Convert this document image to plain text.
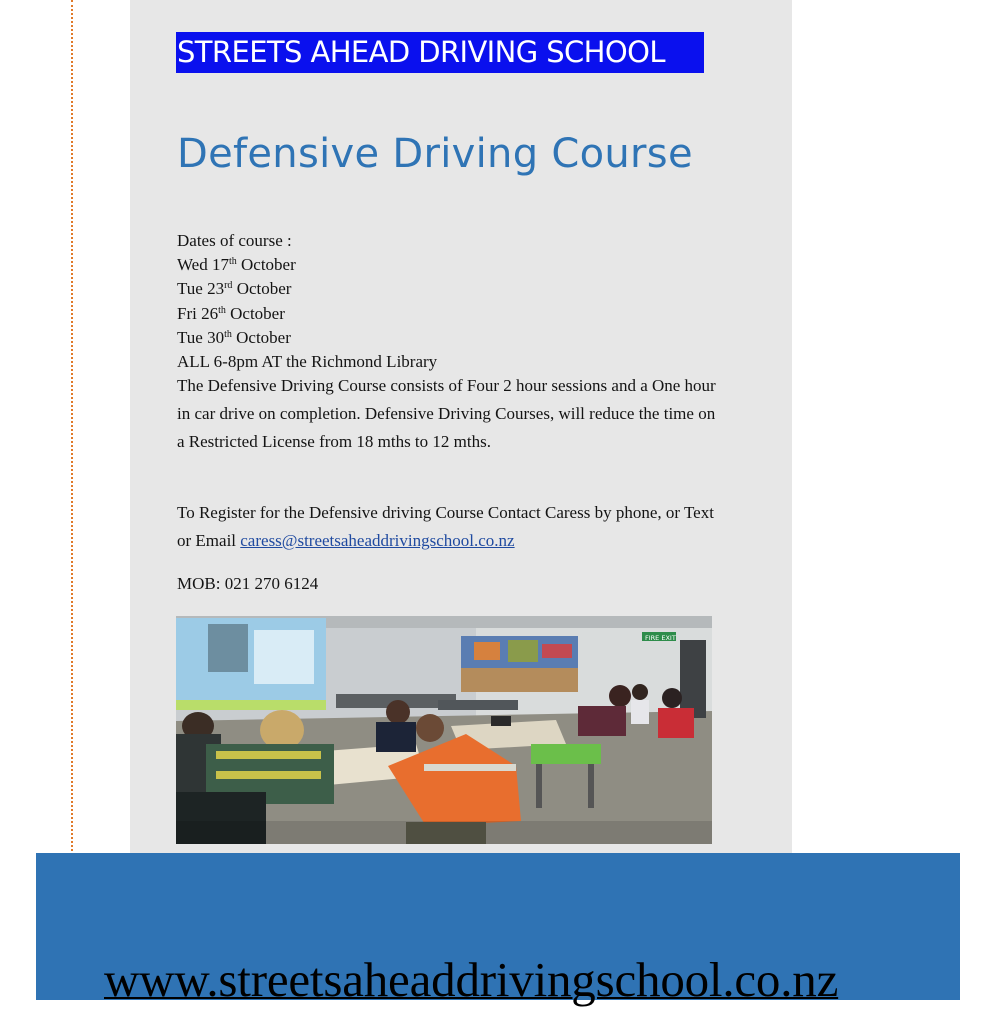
STREETS AHEAD DRIVING SCHOOL
Defensive Driving Course
Dates of course :
Wed 17th October
Tue 23rd October
Fri 26th October
Tue 30th October
ALL 6-8pm AT the Richmond Library
The Defensive Driving Course consists of Four 2 hour sessions and a One hour in car drive on completion. Defensive Driving Courses, will reduce the time on a Restricted License from 18 mths to 12 mths.
To Register for the Defensive driving Course Contact Caress by phone, or Text or Email caress@streetsaheaddrivingschool.co.nz
MOB: 021 270 6124
FIRE EXIT
www.streetsaheaddrivingschool.co.nz
